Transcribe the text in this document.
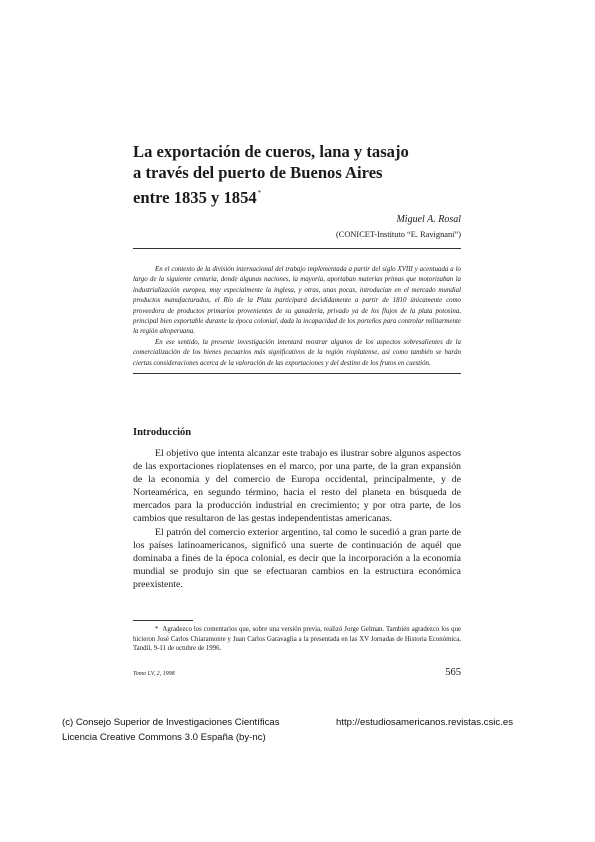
La exportación de cueros, lana y tasajo
a través del puerto de Buenos Aires
entre 1835 y 1854*
Miguel A. Rosal
(CONICET-Instituto “E. Ravignani”)

En el contexto de la división internacional del trabajo implementada a partir del siglo XVIII y acentuada a lo largo de la siguiente centuria, donde algunas naciones, la mayoría, aportaban materias primas que motorizaban la industrialización europea, muy especialmente la inglesa, y otras, unas pocas, introducían en el mercado mundial productos manufacturados, el Río de la Plata participará decididamente a partir de 1810 únicamente como proveedora de productos primarios provenientes de su ganadería, privado ya de los flujos de la plata potosina, principal bien exportable durante la época colonial, dada la incapacidad de los porteños para controlar militarmente la región altoperuana.

En ese sentido, la presente investigación intentará mostrar algunos de los aspectos sobresalientes de la comercialización de los bienes pecuarios más significativos de la región rioplatense, así como también se harán ciertas consideraciones acerca de la valoración de las exportaciones y del destino de los frutos en cuestión.

Introducción

El objetivo que intenta alcanzar este trabajo es ilustrar sobre algunos aspectos de las exportaciones rioplatenses en el marco, por una parte, de la gran expansión de la economía y del comercio de Europa occidental, principalmente, y de Norteamérica, en segundo término, hacia el resto del planeta en búsqueda de mercados para la producción industrial en crecimiento; y por otra parte, de los cambios que resultaron de las gestas independentistas americanas.

El patrón del comercio exterior argentino, tal como le sucedió a gran parte de los países latinoamericanos, significó una suerte de continuación de aquél que dominaba a fines de la época colonial, es decir que la incorporación a la economía mundial se produjo sin que se efectuaran cambios en la estructura económica preexistente.

* Agradezco los comentarios que, sobre una versión previa, realizó Jorge Gelman. También agradezco los que hicieron José Carlos Chiaramonte y Juan Carlos Garavaglia a la presentada en las XV Jornadas de Historia Económica, Tandil, 9-11 de octubre de 1996.
Tomo LV, 2, 1998	565
(c) Consejo Superior de Investigaciones Científicas	http://estudiosamericanos.revistas.csic.es
Licencia Creative Commons 3.0 España (by-nc)
